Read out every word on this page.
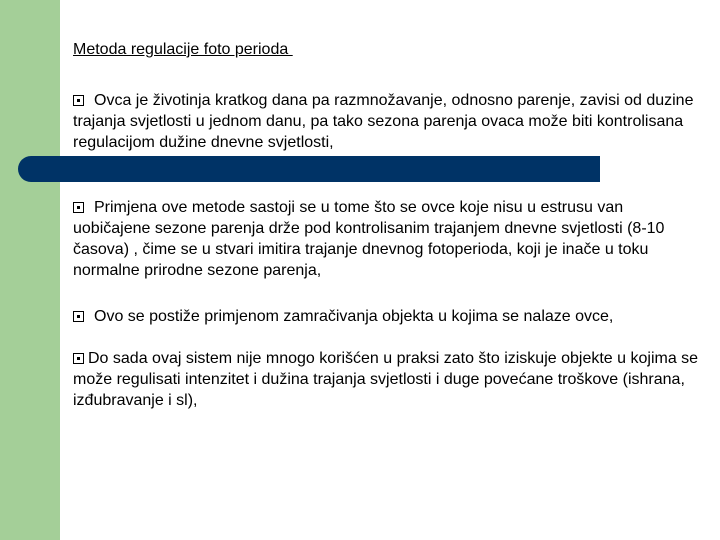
Metoda regulacije foto perioda

Ovca je životinja kratkog dana pa razmnožavanje, odnosno parenje, zavisi od duzine trajanja svjetlosti u jednom danu, pa tako sezona parenja ovaca može biti kontrolisana regulacijom dužine dnevne svjetlosti,

Primjena ove metode sastoji se u tome što se ovce koje nisu u estrusu van uobičajene sezone parenja drže pod kontrolisanim trajanjem dnevne svjetlosti (8-10 časova) , čime se u stvari imitira trajanje dnevnog fotoperioda, koji je inače u toku normalne prirodne sezone parenja,

Ovo se postiže primjenom zamračivanja objekta u kojima se nalaze ovce,

Do sada ovaj sistem nije mnogo korišćen u praksi zato što iziskuje objekte u kojima se može regulisati intenzitet i dužina trajanja svjetlosti i duge povećane troškove (ishrana, izđubravanje i sl),
